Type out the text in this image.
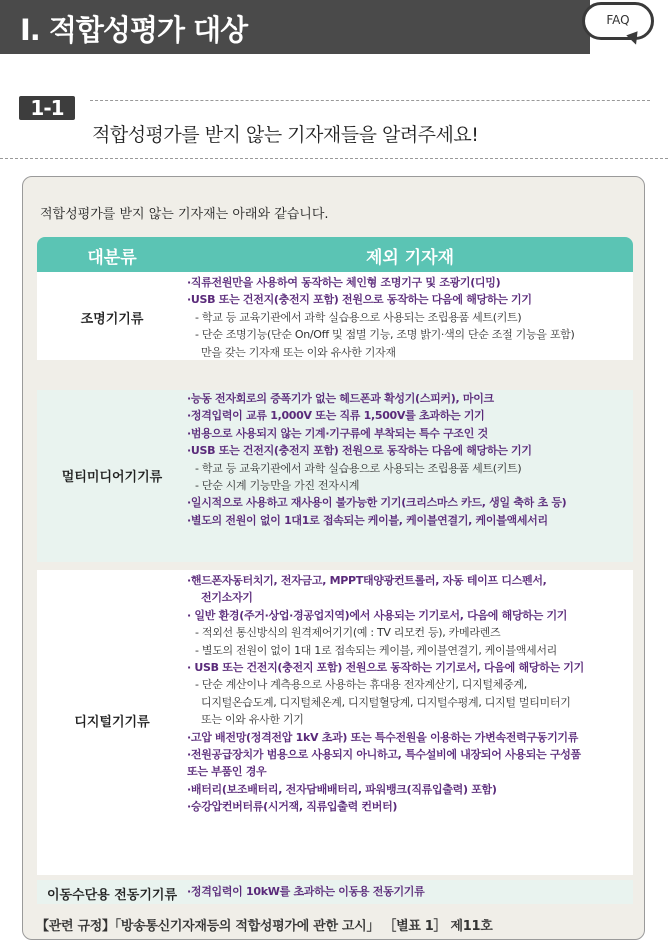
I. 적합성평가 대상	FAQ
1-1
적합성평가를 받지 않는 기자재들을 알려주세요!
적합성평가를 받지 않는 기자재는 아래와 같습니다.
대분류	제외 기자재
조명기기류
·직류전원만을 사용하여 동작하는 체인형 조명기구 및 조광기(디밍)
·USB 또는 건전지(충전지 포함) 전원으로 동작하는 다음에 해당하는 기기
- 학교 등 교육기관에서 과학 실습용으로 사용되는 조립용품 세트(키트)
- 단순 조명기능(단순 On/Off 및 점멸 기능, 조명 밝기·색의 단순 조절 기능을 포함)
만을 갖는 기자재 또는 이와 유사한 기자재
멀티미디어기기류
·능동 전자회로의 증폭기가 없는 헤드폰과 확성기(스피커), 마이크
·정격입력이 교류 1,000V 또는 직류 1,500V를 초과하는 기기
·범용으로 사용되지 않는 기계·기구류에 부착되는 특수 구조인 것
·USB 또는 건전지(충전지 포함) 전원으로 동작하는 다음에 해당하는 기기
- 학교 등 교육기관에서 과학 실습용으로 사용되는 조립용품 세트(키트)
- 단순 시계 기능만을 가진 전자시계
·일시적으로 사용하고 재사용이 불가능한 기기(크리스마스 카드, 생일 축하 초 등)
·별도의 전원이 없이 1대1로 접속되는 케이블, 케이블연결기, 케이블액세서리
디지털기기류
·핸드폰자동터치기, 전자금고, MPPT태양광컨트롤러, 자동 테이프 디스펜서,
전기소자기
· 일반 환경(주거·상업·경공업지역)에서 사용되는 기기로서, 다음에 해당하는 기기
- 적외선 통신방식의 원격제어기기(예 : TV 리모컨 등), 카메라렌즈
- 별도의 전원이 없이 1대 1로 접속되는 케이블, 케이블연결기, 케이블액세서리
· USB 또는 건전지(충전지 포함) 전원으로 동작하는 기기로서, 다음에 해당하는 기기
- 단순 계산이나 계측용으로 사용하는 휴대용 전자계산기, 디지털체중계,
디지털온습도계, 디지털체온계, 디지털혈당계, 디지털수평계, 디지털 멀티미터기
또는 이와 유사한 기기
·고압 배전망(정격전압 1kV 초과) 또는 특수전원을 이용하는 가변속전력구동기기류
·전원공급장치가 범용으로 사용되지 아니하고, 특수설비에 내장되어 사용되는 구성품
또는 부품인 경우
·배터리(보조배터리, 전자담배배터리, 파워뱅크(직류입출력) 포함)
·승강압컨버터류(시거잭, 직류입출력 컨버터)
이동수단용 전동기기류 ·정격입력이 10kW를 초과하는 이동용 전동기기류
【관련 규정】「방송통신기자재등의 적합성평가에 관한 고시」 ［별표 1］ 제11호
